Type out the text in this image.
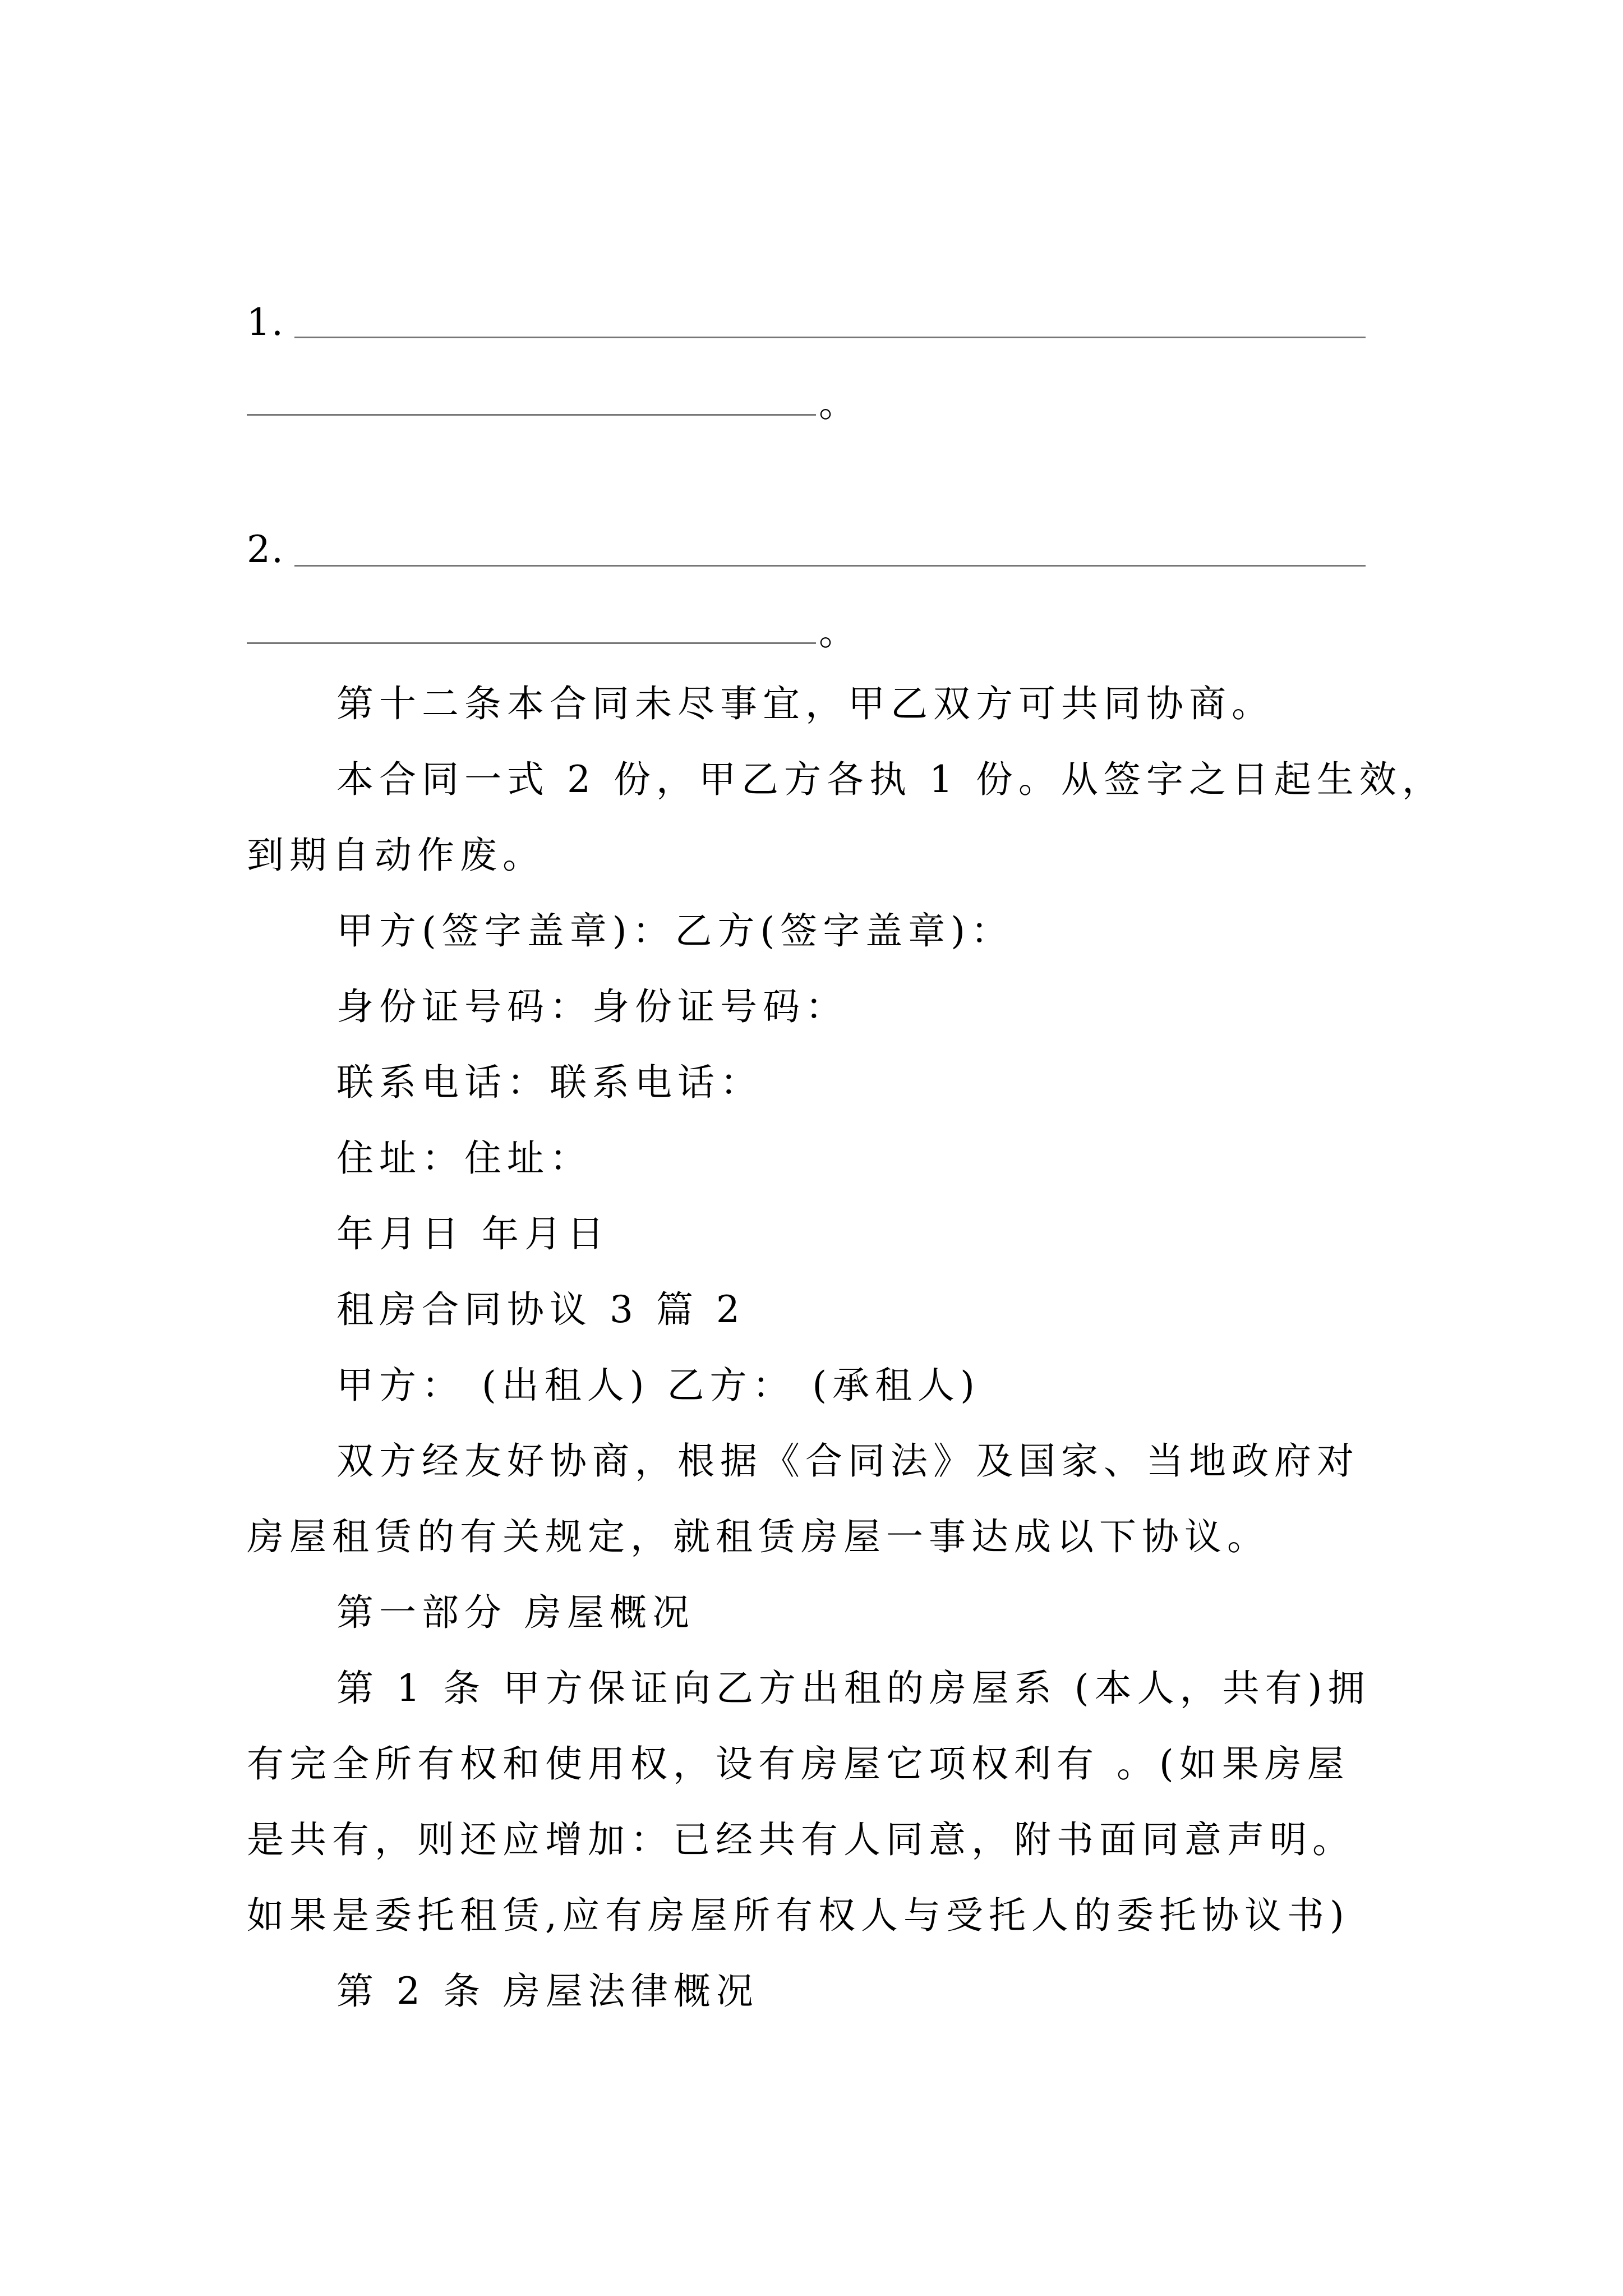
1.
。
2.
。
第十二条本合同未尽事宜，甲乙双方可共同协商。
本合同一式 2 份，甲乙方各执 1 份。从签字之日起生效，
到期自动作废。
甲方(签字盖章)：乙方(签字盖章)：
身份证号码：身份证号码：
联系电话：联系电话：
住址：住址：
年月日 年月日
租房合同协议 3 篇 2
甲方： (出租人) 乙方： (承租人)
双方经友好协商，根据《合同法》及国家、当地政府对
房屋租赁的有关规定，就租赁房屋一事达成以下协议。
第一部分 房屋概况
第 1 条 甲方保证向乙方出租的房屋系 (本人，共有)拥
有完全所有权和使用权，设有房屋它项权利有 。(如果房屋
是共有，则还应增加：已经共有人同意，附书面同意声明。
如果是委托租赁,应有房屋所有权人与受托人的委托协议书)
第 2 条 房屋法律概况
